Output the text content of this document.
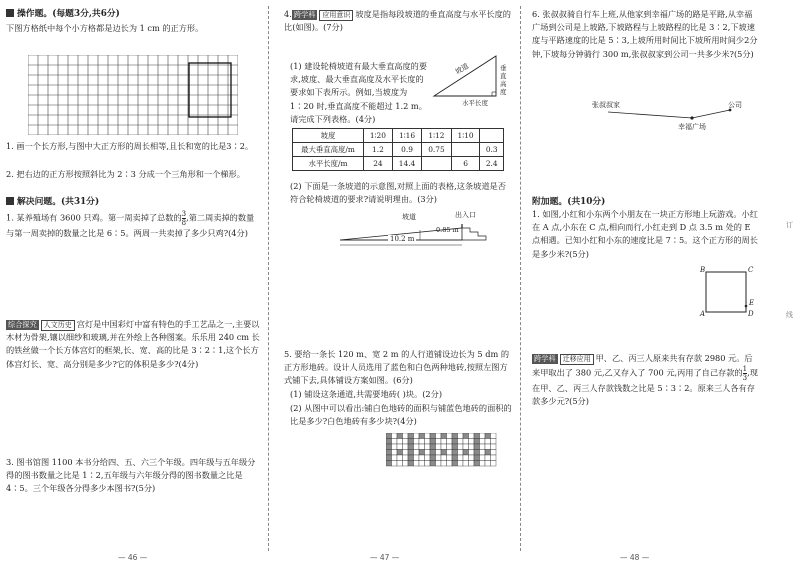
操作题。(每题3分,共6分)
下图方格纸中每个小方格都是边长为 1 cm 的正方形。
1. 画一个长方形,与图中大正方形的周长相等,且长和宽的比是3∶2。
2. 把右边的正方形按照斜比为 2∶3 分成一个三角形和一个梯形。
解决问题。(共31分)
1. 某养殖场有 3600 只鸡。第一周卖掉了总数的 $\frac{3}{8}$ ,第二周卖掉的数量与第一周卖掉的数量之比是 6∶5。两周一共卖掉了多少只鸡?(4分)
综合探究 人文历史 宫灯是中国彩灯中富有特色的手工艺品之一,主要以木材为骨架,镶以细纱和玻璃,并在外绘上各种图案。乐乐用 240 cm 长的铁丝做一个长方体宫灯的框架,长、宽、高的比是 3∶2∶1,这个长方体宫灯长、宽、高分别是多少?它的体积是多少?(4分)
3. 图书馆图 1100 本书分给四、五、六三个年级。四年级与五年级分得的图书数量之比是 1∶2,五年级与六年级分得的图书数量之比是 4∶5。三个年级各分得多少本图书?(5分)
— 46 —
4. 跨学科 应用意识 坡度是指每段坡道的垂直高度与水平长度的比(如图)。(7分)
(1) 建设轮椅坡道有最大垂直高度的要求,坡度、最大垂直高度及水平长度的要求如下表所示。例如,当坡度为 1∶20 时,垂直高度不能超过 1.2 m。请完成下列表格。(4分)
坡道	垂直高度
水平长度
坡度	1∶20	1∶16	1∶12	1∶10	
最大垂直高度/m	1.2	0.9	0.75		0.3
水平长度/m	24	14.4		6	2.4
(2) 下面是一条坡道的示意图,对照上面的表格,这条坡道是否符合轮椅坡道的要求?请说明理由。(3分)
坡道	出入口
0.85 m
10.2 m
5. 要给一条长 120 m、宽 2 m 的人行道铺设边长为 5 dm 的正方形地砖。设计人员选用了蓝色和白色两种地砖,按照左图方式铺下去,具体铺设方案如图。(6分)
(1) 铺设这条通道,共需要地砖( )块。(2分)
(2) 从图中可以看出:铺白色地砖的面积与铺蓝色地砖的面积的比是多少?白色地砖有多少块?(4分)
— 47 —
6. 张叔叔骑自行车上班,从他家到幸福广场的路是平路,从幸福广场到公司是上坡路,下坡路程与上坡路程的比是 3∶2,下坡速度与平路速度的比是 5∶3,上坡所用时间比下坡所用时间少2分钟,下坡每分钟骑行 300 m,张叔叔家到公司一共多少米?(5分)
张叔叔家
幸福广场
公司
附加题。(共10分)
1. 如图,小红和小东两个小朋友在一块正方形地上玩游戏。小红在 A 点,小东在 C 点,相向而行,小红走到 D 点 3.5 m 处的 E 点相遇。已知小红和小东的速度比是 7∶5。这个正方形的周长是多少米?(5分)
B	C
A	D
E
跨学科 迁移应用 甲、乙、丙三人原来共有存款 2980 元。后来甲取出了 380 元,乙又存入了 700 元,丙用了自己存款的 $\frac{1}{3}$ ,现在甲、乙、丙三人存款钱数之比是 5∶3∶2。原来三人各有存款多少元?(5分)
— 48 —
订 线
